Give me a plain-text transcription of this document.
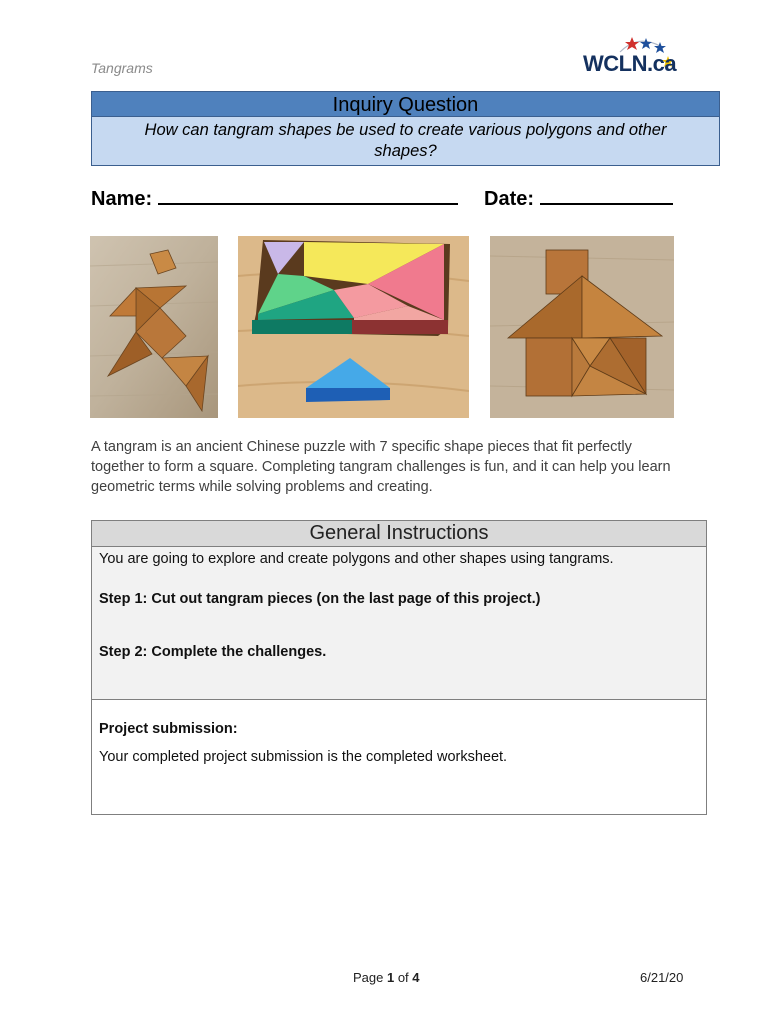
Tangrams	WCLN.ca
Inquiry Question
How can tangram shapes be used to create various polygons and other shapes?
Name:	Date:
A tangram is an ancient Chinese puzzle with 7 specific shape pieces that fit perfectly together to form a square. Completing tangram challenges is fun, and it can help you learn geometric terms while solving problems and creating.
General Instructions
You are going to explore and create polygons and other shapes using tangrams.
Step 1: Cut out tangram pieces (on the last page of this project.)
Step 2: Complete the challenges.
Project submission:
Your completed project submission is the completed worksheet.
Page 1 of 4	6/21/20
